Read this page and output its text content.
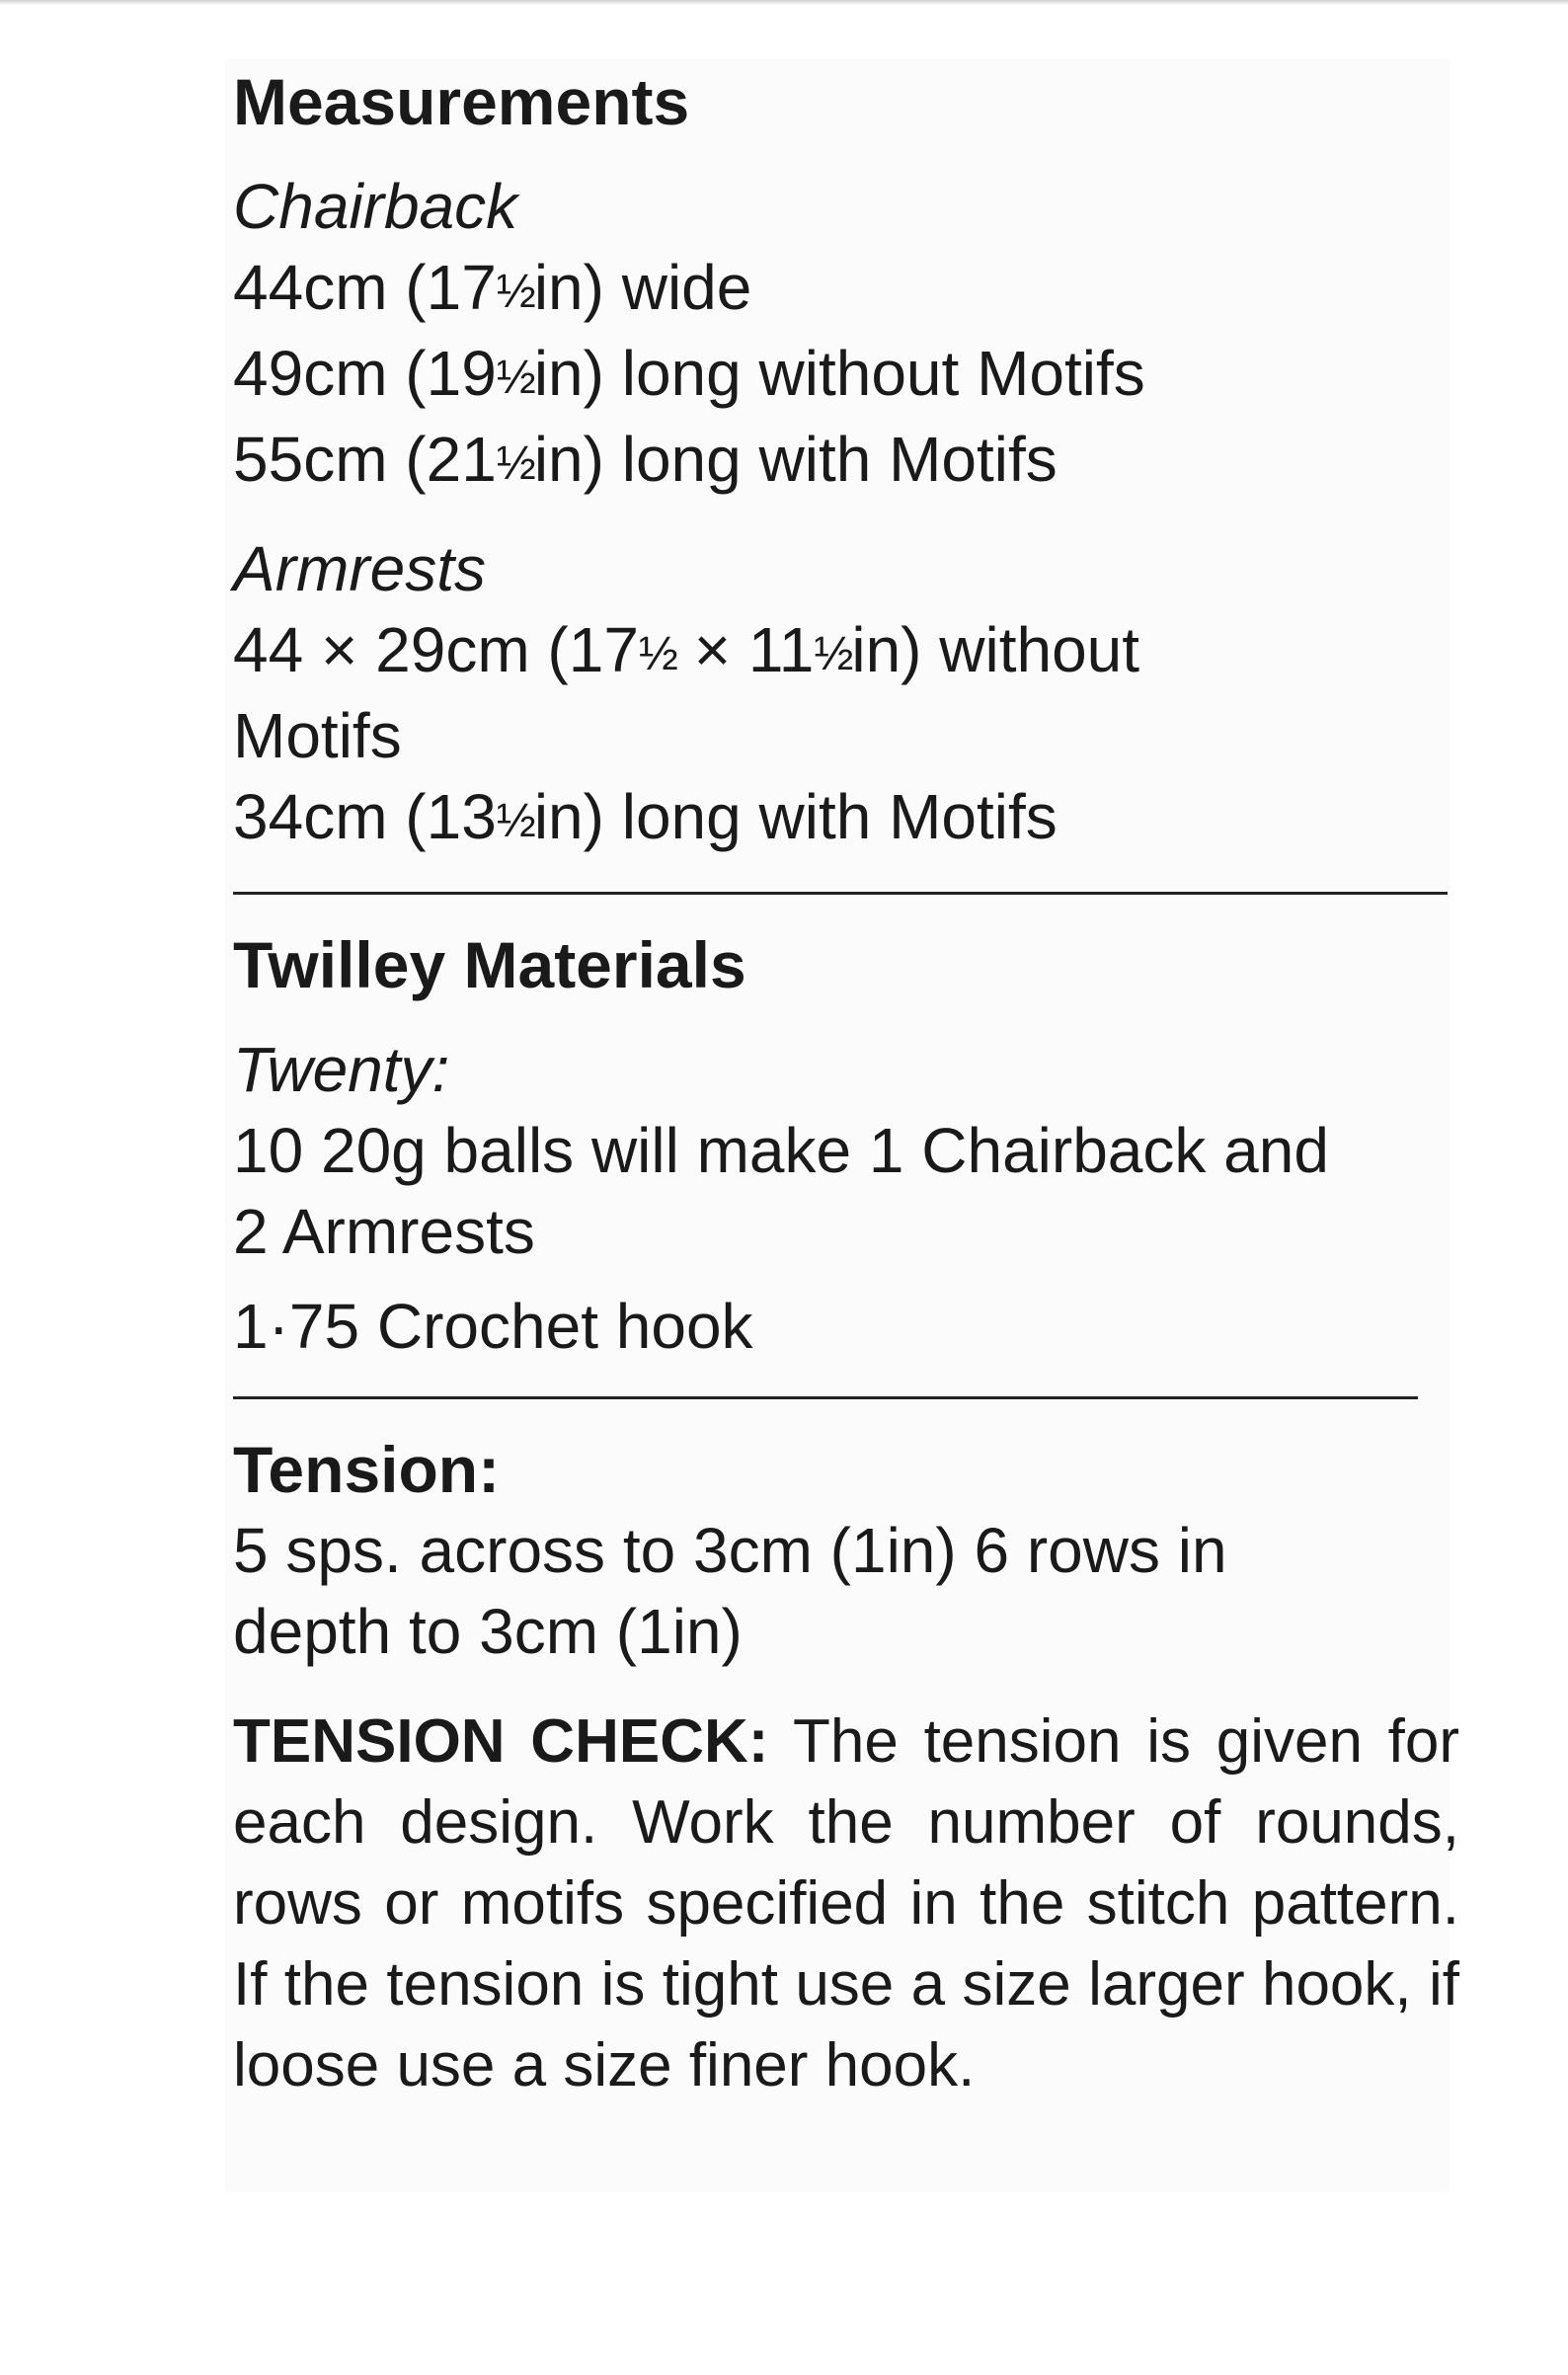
Measurements

Chairback

44cm (17½in) wide

49cm (19½in) long without Motifs

55cm (21½in) long with Motifs

Armrests

44 × 29cm (17½ × 11½in) without

Motifs

34cm (13½in) long with Motifs

Twilley Materials

Twenty:

10 20g balls will make 1 Chairback and

2 Armrests

1·75 Crochet hook

Tension:

5 sps. across to 3cm (1in) 6 rows in

depth to 3cm (1in)

TENSION CHECK: The tension is given for each design. Work the number of rounds, rows or motifs specified in the stitch pattern. If the tension is tight use a size larger hook, if loose use a size finer hook.
